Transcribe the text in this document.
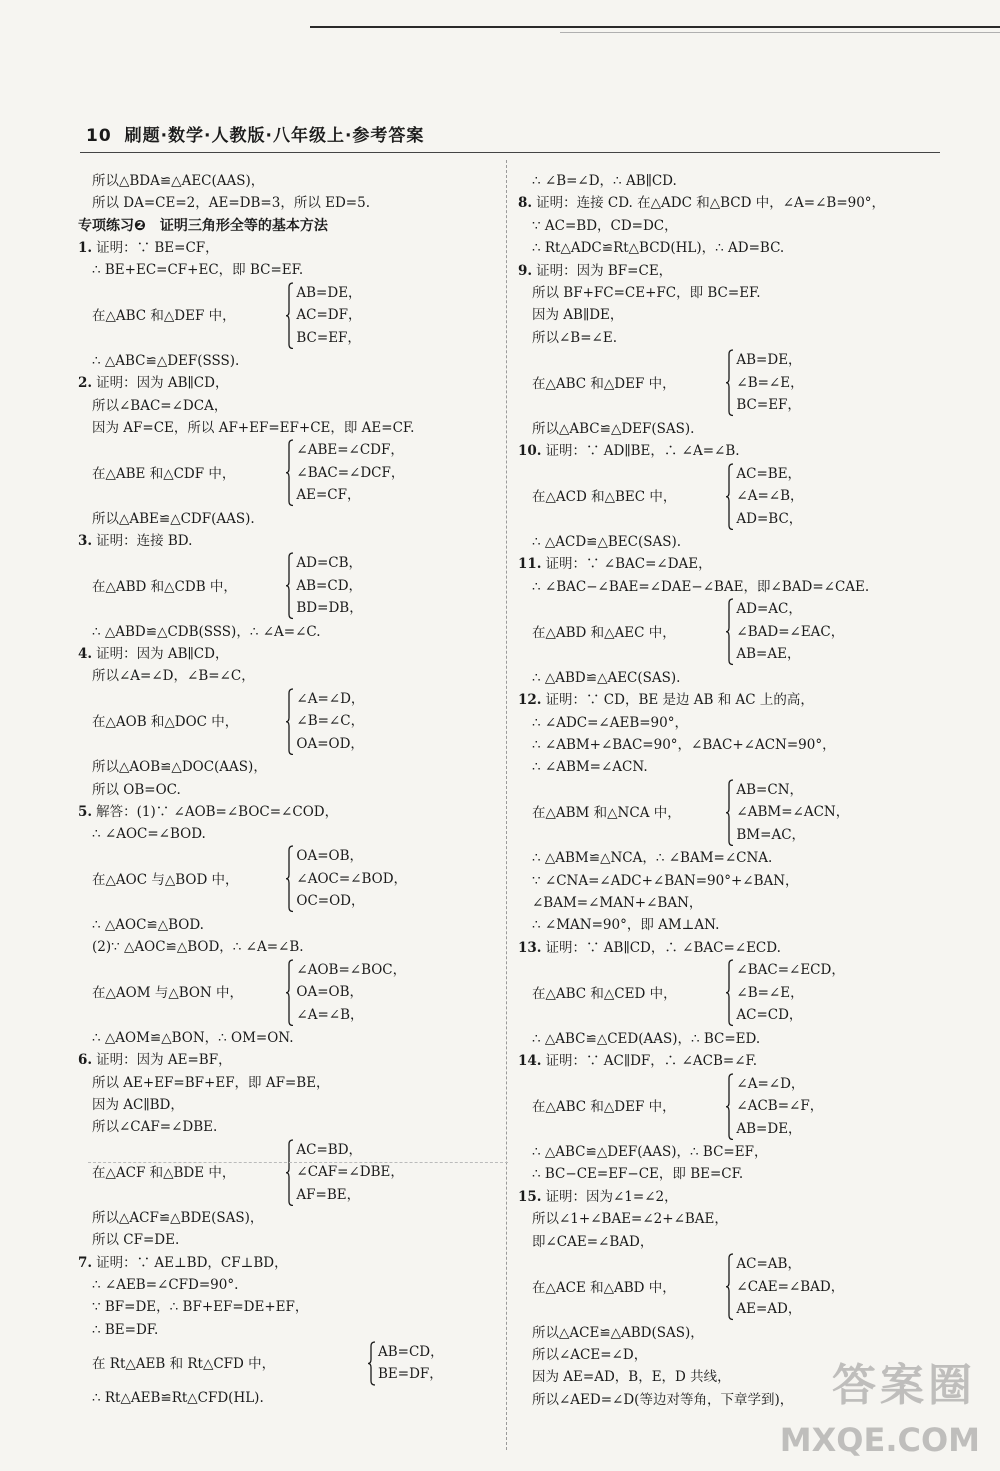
10 刷题·数学·人教版·八年级上·参考答案
所以△BDA≌△AEC(AAS)，
所以 DA=CE=2，AE=DB=3，所以 ED=5.
专项练习❷　证明三角形全等的基本方法
1. 证明：∵ BE=CF，
∴ BE+EC=CF+EC，即 BC=EF.
在△ABC 和△DEF 中，
AB=DE，
AC=DF，
BC=EF，
∴ △ABC≌△DEF(SSS).
2. 证明：因为 AB∥CD，
所以∠BAC=∠DCA，
因为 AF=CE，所以 AF+EF=EF+CE，即 AE=CF.
在△ABE 和△CDF 中，
∠ABE=∠CDF，
∠BAC=∠DCF，
AE=CF，
所以△ABE≌△CDF(AAS).
3. 证明：连接 BD.
在△ABD 和△CDB 中，
AD=CB，
AB=CD，
BD=DB，
∴ △ABD≌△CDB(SSS)，∴ ∠A=∠C.
4. 证明：因为 AB∥CD，
所以∠A=∠D，∠B=∠C，
在△AOB 和△DOC 中，
∠A=∠D，
∠B=∠C，
OA=OD，
所以△AOB≌△DOC(AAS)，
所以 OB=OC.
5. 解答：(1)∵ ∠AOB=∠BOC=∠COD，
∴ ∠AOC=∠BOD.
在△AOC 与△BOD 中，
OA=OB，
∠AOC=∠BOD，
OC=OD，
∴ △AOC≌△BOD.
(2)∵ △AOC≌△BOD，∴ ∠A=∠B.
在△AOM 与△BON 中，
∠AOB=∠BOC，
OA=OB，
∠A=∠B，
∴ △AOM≌△BON，∴ OM=ON.
6. 证明：因为 AE=BF，
所以 AE+EF=BF+EF，即 AF=BE，
因为 AC∥BD，
所以∠CAF=∠DBE.
在△ACF 和△BDE 中，
AC=BD，
∠CAF=∠DBE，
AF=BE，
所以△ACF≌△BDE(SAS)，
所以 CF=DE.
7. 证明：∵ AE⊥BD，CF⊥BD，
∴ ∠AEB=∠CFD=90°.
∵ BF=DE，∴ BF+EF=DE+EF，
∴ BE=DF.
在 Rt△AEB 和 Rt△CFD 中，
AB=CD，
BE=DF，
∴ Rt△AEB≌Rt△CFD(HL).
∴ ∠B=∠D，∴ AB∥CD.
8. 证明：连接 CD. 在△ADC 和△BCD 中，∠A=∠B=90°，
∵ AC=BD，CD=DC，
∴ Rt△ADC≌Rt△BCD(HL)，∴ AD=BC.
9. 证明：因为 BF=CE，
所以 BF+FC=CE+FC，即 BC=EF.
因为 AB∥DE，
所以∠B=∠E.
在△ABC 和△DEF 中，
AB=DE，
∠B=∠E，
BC=EF，
所以△ABC≌△DEF(SAS).
10. 证明：∵ AD∥BE，∴ ∠A=∠B.
在△ACD 和△BEC 中，
AC=BE，
∠A=∠B，
AD=BC，
∴ △ACD≌△BEC(SAS).
11. 证明：∵ ∠BAC=∠DAE，
∴ ∠BAC−∠BAE=∠DAE−∠BAE，即∠BAD=∠CAE.
在△ABD 和△AEC 中，
AD=AC，
∠BAD=∠EAC，
AB=AE，
∴ △ABD≌△AEC(SAS).
12. 证明：∵ CD，BE 是边 AB 和 AC 上的高，
∴ ∠ADC=∠AEB=90°，
∴ ∠ABM+∠BAC=90°，∠BAC+∠ACN=90°，
∴ ∠ABM=∠ACN.
在△ABM 和△NCA 中，
AB=CN，
∠ABM=∠ACN，
BM=AC，
∴ △ABM≌△NCA，∴ ∠BAM=∠CNA.
∵ ∠CNA=∠ADC+∠BAN=90°+∠BAN，
∠BAM=∠MAN+∠BAN，
∴ ∠MAN=90°，即 AM⊥AN.
13. 证明：∵ AB∥CD，∴ ∠BAC=∠ECD.
在△ABC 和△CED 中，
∠BAC=∠ECD，
∠B=∠E，
AC=CD，
∴ △ABC≌△CED(AAS)，∴ BC=ED.
14. 证明：∵ AC∥DF，∴ ∠ACB=∠F.
在△ABC 和△DEF 中，
∠A=∠D，
∠ACB=∠F，
AB=DE，
∴ △ABC≌△DEF(AAS)，∴ BC=EF，
∴ BC−CE=EF−CE，即 BE=CF.
15. 证明：因为∠1=∠2，
所以∠1+∠BAE=∠2+∠BAE，
即∠CAE=∠BAD，
在△ACE 和△ABD 中，
AC=AB，
∠CAE=∠BAD，
AE=AD，
所以△ACE≌△ABD(SAS)，
所以∠ACE=∠D，
因为 AE=AD，B，E，D 共线，
所以∠AED=∠D(等边对等角，下章学到)， 答案圈
MXQE.COM
